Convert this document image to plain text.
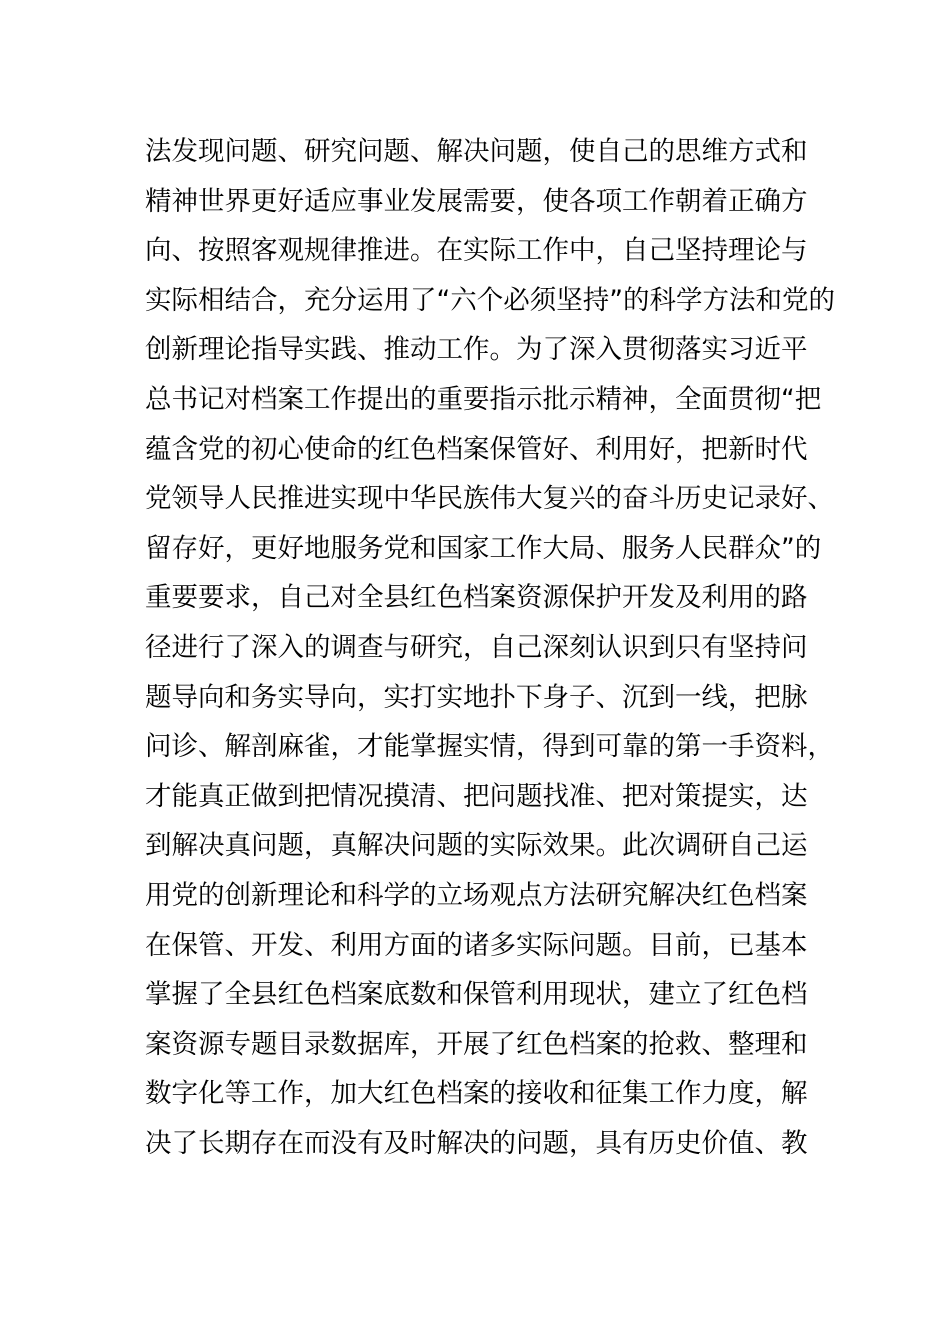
法发现问题、研究问题、解决问题，使自己的思维方式和
精神世界更好适应事业发展需要，使各项工作朝着正确方
向、按照客观规律推进。在实际工作中，自己坚持理论与
实际相结合，充分运用了“六个必须坚持”的科学方法和党的
创新理论指导实践、推动工作。为了深入贯彻落实习近平
总书记对档案工作提出的重要指示批示精神，全面贯彻“把
蕴含党的初心使命的红色档案保管好、利用好，把新时代
党领导人民推进实现中华民族伟大复兴的奋斗历史记录好、
留存好，更好地服务党和国家工作大局、服务人民群众”的
重要要求，自己对全县红色档案资源保护开发及利用的路
径进行了深入的调查与研究，自己深刻认识到只有坚持问
题导向和务实导向，实打实地扑下身子、沉到一线，把脉
问诊、解剖麻雀，才能掌握实情，得到可靠的第一手资料，
才能真正做到把情况摸清、把问题找准、把对策提实，达
到解决真问题，真解决问题的实际效果。此次调研自己运
用党的创新理论和科学的立场观点方法研究解决红色档案
在保管、开发、利用方面的诸多实际问题。目前，已基本
掌握了全县红色档案底数和保管利用现状，建立了红色档
案资源专题目录数据库，开展了红色档案的抢救、整理和
数字化等工作，加大红色档案的接收和征集工作力度，解
决了长期存在而没有及时解决的问题，具有历史价值、教
